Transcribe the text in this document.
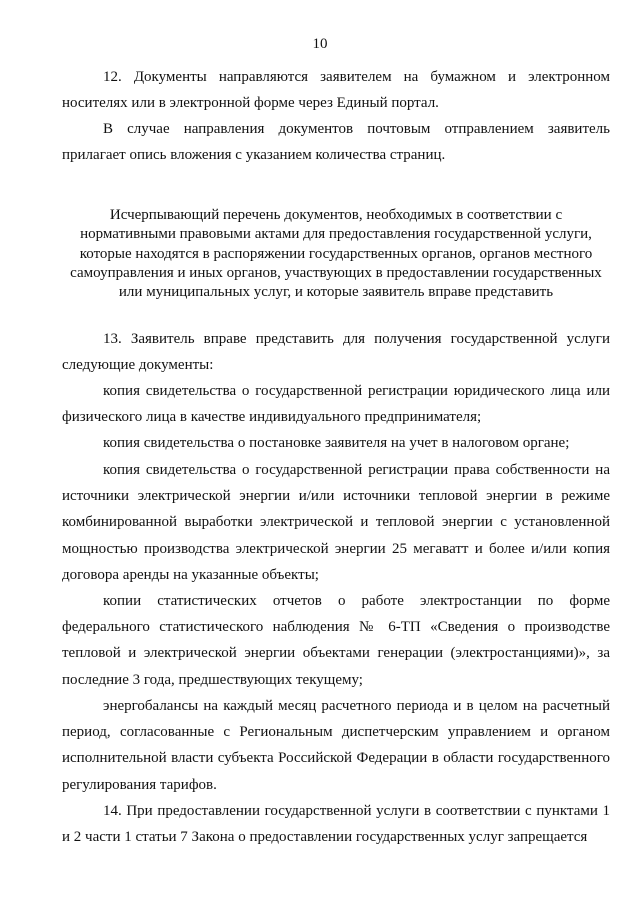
10

12. Документы направляются заявителем на бумажном и электронном носителях или в электронной форме через Единый портал.

В случае направления документов почтовым отправлением заявитель прилагает опись вложения с указанием количества страниц.

Исчерпывающий перечень документов, необходимых в соответствии с
нормативными правовыми актами для предоставления государственной услуги,
которые находятся в распоряжении государственных органов, органов местного
самоуправления и иных органов, участвующих в предоставлении государственных
или муниципальных услуг, и которые заявитель вправе представить

13. Заявитель вправе представить для получения государственной услуги следующие документы:

копия свидетельства о государственной регистрации юридического лица или физического лица в качестве индивидуального предпринимателя;

копия свидетельства о постановке заявителя на учет в налоговом органе;

копия свидетельства о государственной регистрации права собственности на источники электрической энергии и/или источники тепловой энергии в режиме комбинированной выработки электрической и тепловой энергии с установленной мощностью производства электрической энергии 25 мегаватт и более и/или копия договора аренды на указанные объекты;

копии статистических отчетов о работе электростанции по форме федерального статистического наблюдения № 6-ТП «Сведения о производстве тепловой и электрической энергии объектами генерации (электростанциями)», за последние 3 года, предшествующих текущему;

энергобалансы на каждый месяц расчетного периода и в целом на расчетный период, согласованные с Региональным диспетчерским управлением и органом исполнительной власти субъекта Российской Федерации в области государственного регулирования тарифов.

14. При предоставлении государственной услуги в соответствии с пунктами 1 и 2 части 1 статьи 7 Закона о предоставлении государственных услуг запрещается
